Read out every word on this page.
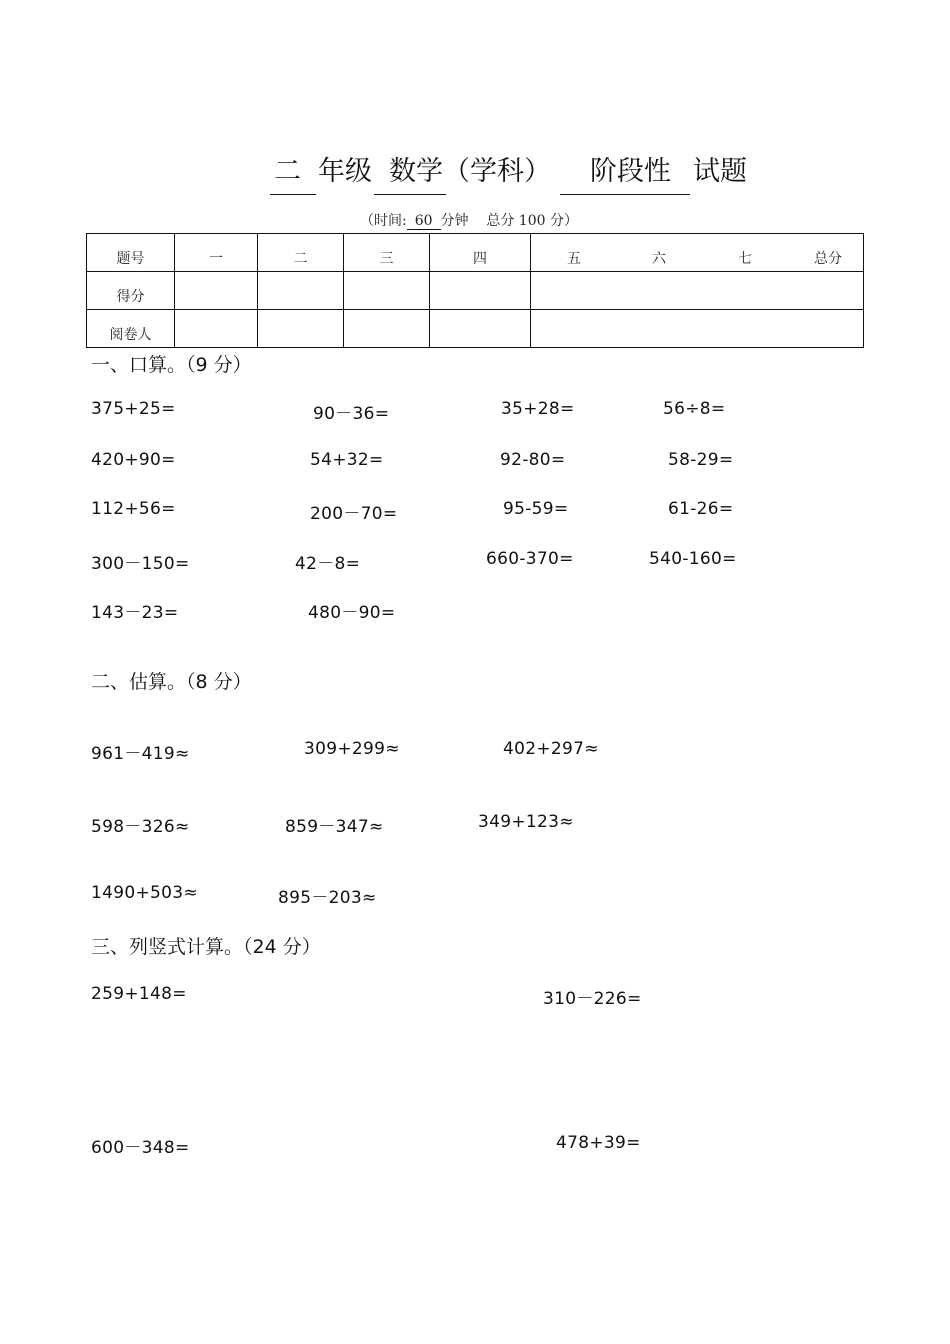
二 年级 数学 （学科） 阶段性 试题
（时间: 60 分钟 总分 100 分）
题号	一	二	三	四	五 六 七 总分

得分					
阅卷人					
一、口算。（9 分）
375+25=	90－36=	35+28=	56÷8=
420+90=	54+32=	92-80=	58-29=
112+56=	200－70=	95-59=	61-26=
300－150=	42－8=	660-370=	540-160=
143－23=	480－90=
二、估算。（8 分）
961－419≈	309+299≈	402+297≈
598－326≈	859－347≈	349+123≈
1490+503≈	895－203≈
三、列竖式计算。（24 分）
259+148=	310－226=
600－348=	478+39=
